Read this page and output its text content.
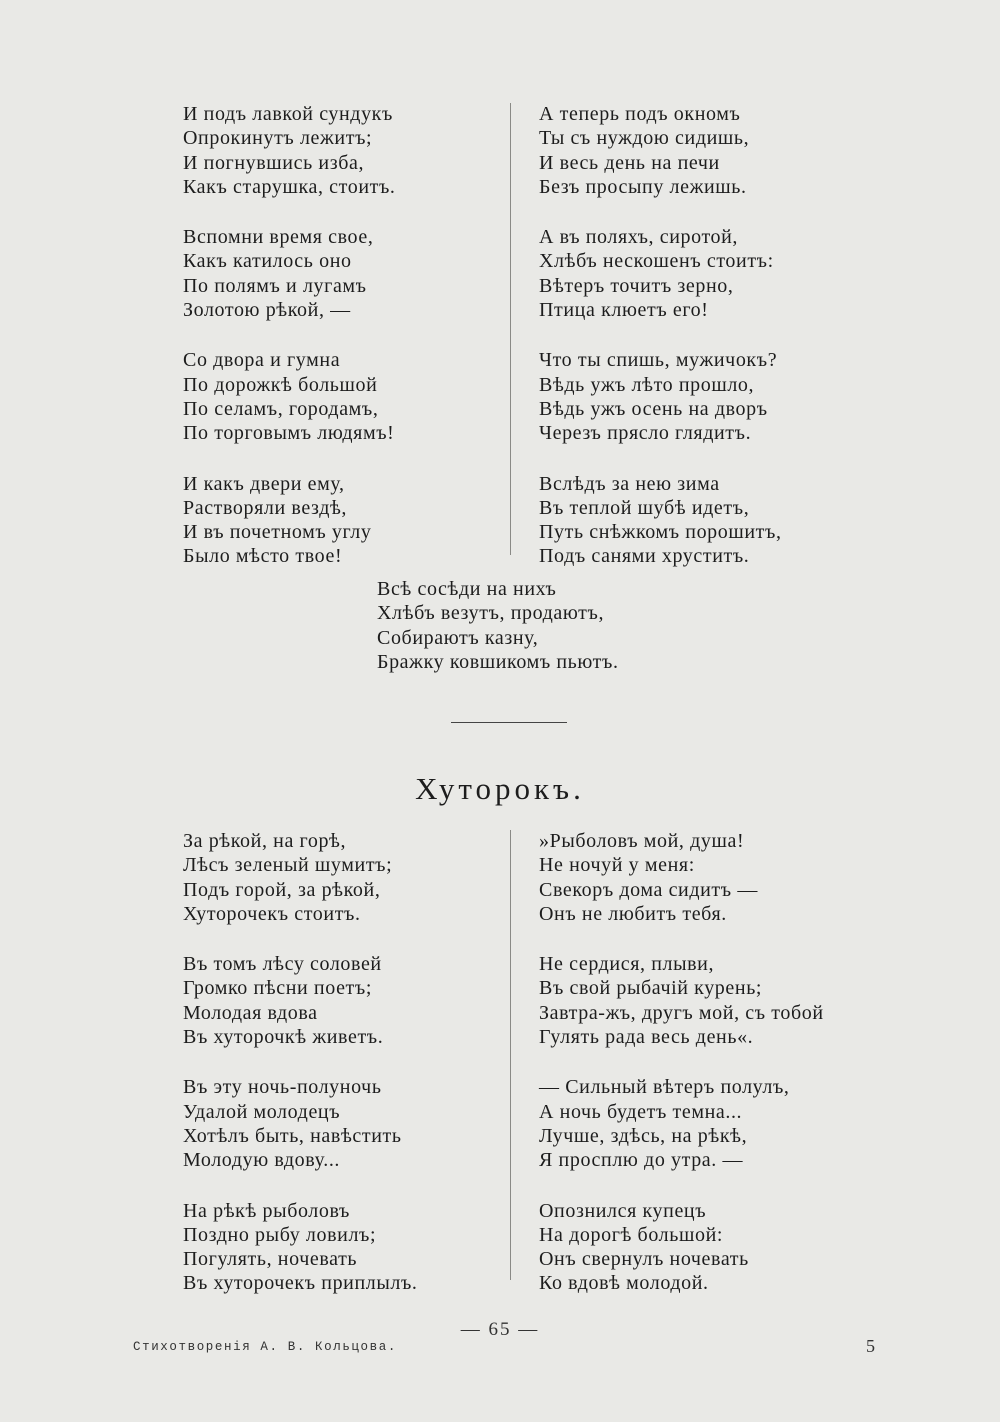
И подъ лавкой сундукъ
Опрокинутъ лежитъ;
И погнувшись изба,
Какъ старушка, стоитъ.
Вспомни время свое,
Какъ катилось оно
По полямъ и лугамъ
Золотою рѣкой, —
Со двора и гумна
По дорожкѣ большой
По селамъ, городамъ,
По торговымъ людямъ!
И какъ двери ему,
Растворяли вездѣ,
И въ почетномъ углу
Было мѣсто твое!
А теперь подъ окномъ
Ты съ нуждою сидишь,
И весь день на печи
Безъ просыпу лежишь.
А въ поляхъ, сиротой,
Хлѣбъ нескошенъ стоитъ:
Вѣтеръ точитъ зерно,
Птица клюетъ его!
Что ты спишь, мужичокъ?
Вѣдь ужъ лѣто прошло,
Вѣдь ужъ осень на дворъ
Черезъ прясло глядитъ.
Вслѣдъ за нею зима
Въ теплой шубѣ идетъ,
Путь снѣжкомъ порошитъ,
Подъ санями хруститъ.
Всѣ сосѣди на нихъ
Хлѣбъ везутъ, продаютъ,
Собираютъ казну,
Бражку ковшикомъ пьютъ.
Хуторокъ.
За рѣкой, на горѣ,
Лѣсъ зеленый шумитъ;
Подъ горой, за рѣкой,
Хуторочекъ стоитъ.
Въ томъ лѣсу соловей
Громко пѣсни поетъ;
Молодая вдова
Въ хуторочкѣ живетъ.
Въ эту ночь-полуночь
Удалой молодецъ
Хотѣлъ быть, навѣстить
Молодую вдову...
На рѣкѣ рыболовъ
Поздно рыбу ловилъ;
Погулять, ночевать
Въ хуторочекъ приплылъ.
»Рыболовъ мой, душа!
Не ночуй у меня:
Свекоръ дома сидитъ —
Онъ не любитъ тебя.
Не сердися, плыви,
Въ свой рыбачій курень;
Завтра-жъ, другъ мой, съ тобой
Гулять рада весь день«.
— Сильный вѣтеръ полулъ,
А ночь будетъ темна...
Лучше, здѣсь, на рѣкѣ,
Я просплю до утра. —
Опознился купецъ
На дорогѣ большой:
Онъ свернулъ ночевать
Ко вдовѣ молодой.
— 65 —
Стихотворенія А. В. Кольцова.	5
